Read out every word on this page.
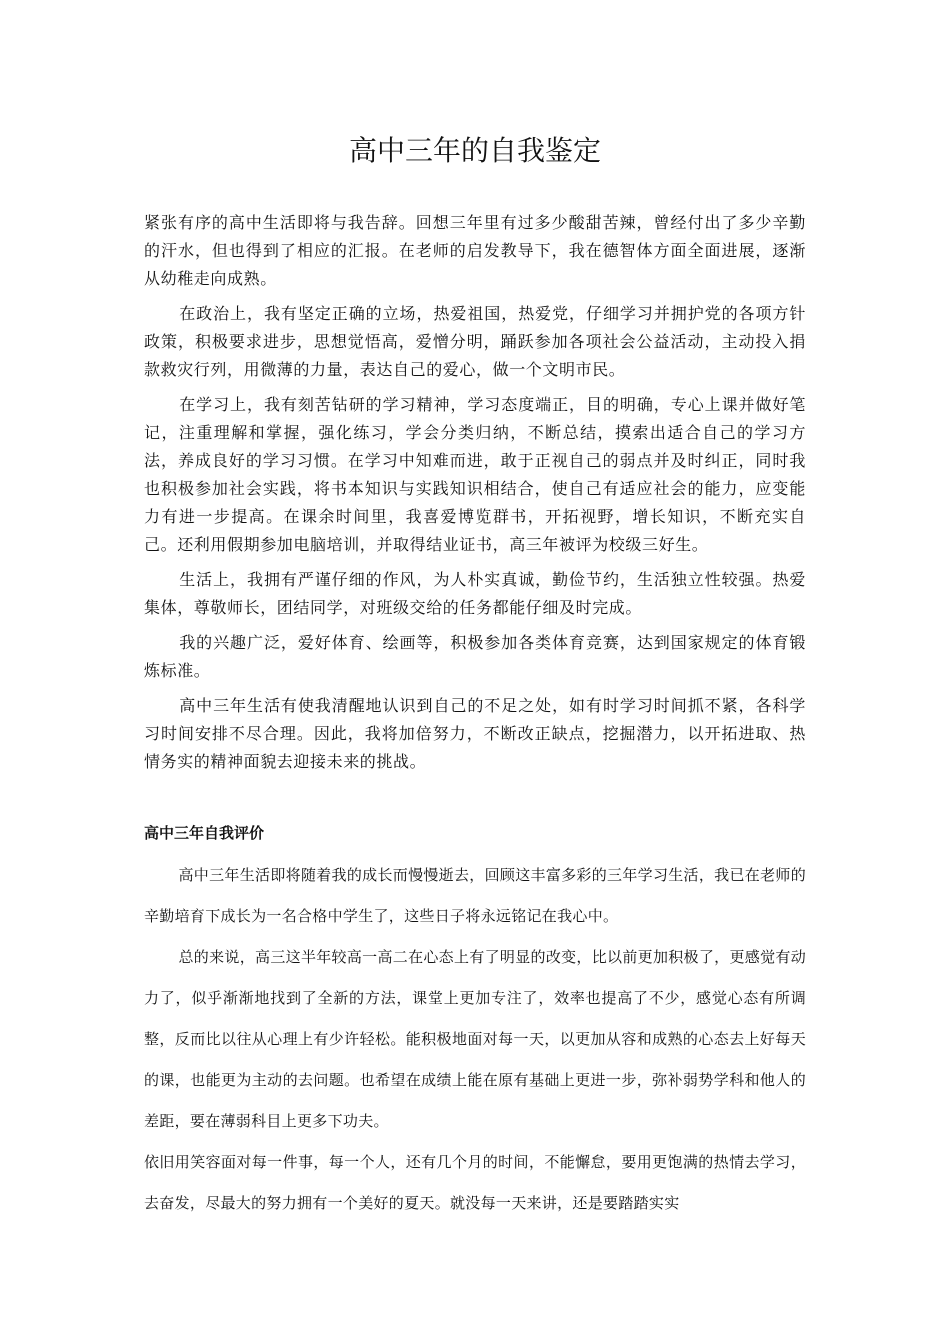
高中三年的自我鉴定

紧张有序的高中生活即将与我告辞。回想三年里有过多少酸甜苦辣，曾经付出了多少辛勤的汗水，但也得到了相应的汇报。在老师的启发教导下，我在德智体方面全面进展，逐渐从幼稚走向成熟。

在政治上，我有坚定正确的立场，热爱祖国，热爱党，仔细学习并拥护党的各项方针政策，积极要求进步，思想觉悟高，爱憎分明，踊跃参加各项社会公益活动，主动投入捐款救灾行列，用微薄的力量，表达自己的爱心，做一个文明市民。

在学习上，我有刻苦钻研的学习精神，学习态度端正，目的明确，专心上课并做好笔记，注重理解和掌握，强化练习，学会分类归纳，不断总结，摸索出适合自己的学习方法，养成良好的学习习惯。在学习中知难而进，敢于正视自己的弱点并及时纠正，同时我也积极参加社会实践，将书本知识与实践知识相结合，使自己有适应社会的能力，应变能力有进一步提高。在课余时间里，我喜爱博览群书，开拓视野，增长知识，不断充实自己。还利用假期参加电脑培训，并取得结业证书，高三年被评为校级三好生。

生活上，我拥有严谨仔细的作风，为人朴实真诚，勤俭节约，生活独立性较强。热爱集体，尊敬师长，团结同学，对班级交给的任务都能仔细及时完成。

我的兴趣广泛，爱好体育、绘画等，积极参加各类体育竞赛，达到国家规定的体育锻炼标准。

高中三年生活有使我清醒地认识到自己的不足之处，如有时学习时间抓不紧，各科学习时间安排不尽合理。因此，我将加倍努力，不断改正缺点，挖掘潜力，以开拓进取、热情务实的精神面貌去迎接未来的挑战。

高中三年自我评价

高中三年生活即将随着我的成长而慢慢逝去，回顾这丰富多彩的三年学习生活，我已在老师的辛勤培育下成长为一名合格中学生了，这些日子将永远铭记在我心中。

总的来说，高三这半年较高一高二在心态上有了明显的改变，比以前更加积极了，更感觉有动力了，似乎渐渐地找到了全新的方法，课堂上更加专注了，效率也提高了不少，感觉心态有所调整，反而比以往从心理上有少许轻松。能积极地面对每一天，以更加从容和成熟的心态去上好每天的课，也能更为主动的去问题。也希望在成绩上能在原有基础上更进一步，弥补弱势学科和他人的差距，要在薄弱科目上更多下功夫。

依旧用笑容面对每一件事，每一个人，还有几个月的时间，不能懈怠，要用更饱满的热情去学习，去奋发，尽最大的努力拥有一个美好的夏天。就没每一天来讲，还是要踏踏实实
